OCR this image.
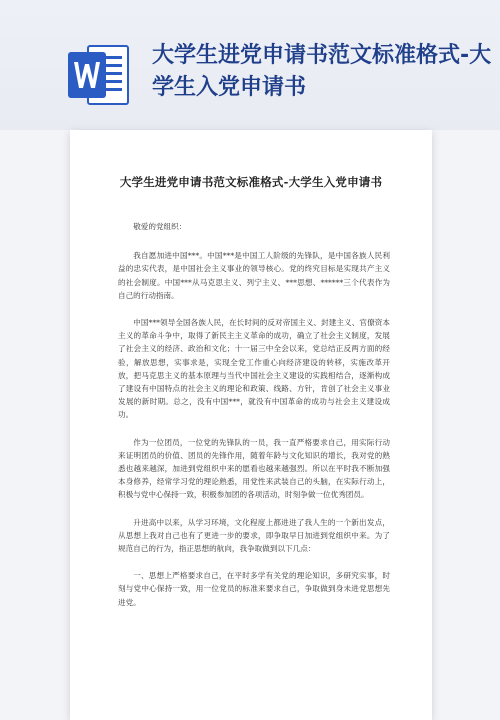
大学生进党申请书范文标准格式-大学生入党申请书
大学生进党申请书范文标准格式-大学生入党申请书

敬爱的党组织：

我自愿加进中国***。中国***是中国工人阶级的先锋队，是中国各族人民利益的忠实代表，是中国社会主义事业的领导核心。党的终究目标是实现共产主义的社会制度。中国***从马克思主义、列宁主义、***思想、******三个代表作为自己的行动指南。

中国***领导全国各族人民，在长时间的反对帝国主义、封建主义、官僚资本主义的革命斗争中，取得了新民主主义革命的成功，确立了社会主义制度，发展了社会主义的经济、政治和文化；十一届三中全会以来，党总结正反两方面的经验，解放思想，实事求是，实现全党工作重心向经济建设的转移，实施改革开放，把马克思主义的基本原理与当代中国社会主义建设的实践相结合，逐渐构成了建设有中国特点的社会主义的理论和政策、线路、方针，肯创了社会主义事业发展的新时期。总之，没有中国***，就没有中国革命的成功与社会主义建设成功。

作为一位团员，一位党的先锋队的一员，我一直严格要求自己，用实际行动来证明团员的价值、团员的先锋作用，随着年龄与文化知识的增长，我对党的熟悉也越来越深，加进到党组织中来的愿看也越来越强烈。所以在平时我不断加强本身修养，经常学习党的理论熟悉，用党性来武装自己的头脑，在实际行动上，积极与党中心保持一致，积极参加团的各项活动，时刻争做一位优秀团员。

升进高中以来，从学习环境，文化程度上都进进了我人生的一个新出发点，从思想上我对自己也有了更进一步的要求，即争取早日加进到党组织中来。为了规范自己的行为，指正思想的航向，我争取做到以下几点：

一、思想上严格要求自己，在平时多学有关党的理论知识，多研究实事，时刻与党中心保持一致，用一位党员的标准来要求自己，争取做到身未进党思想先进党。
